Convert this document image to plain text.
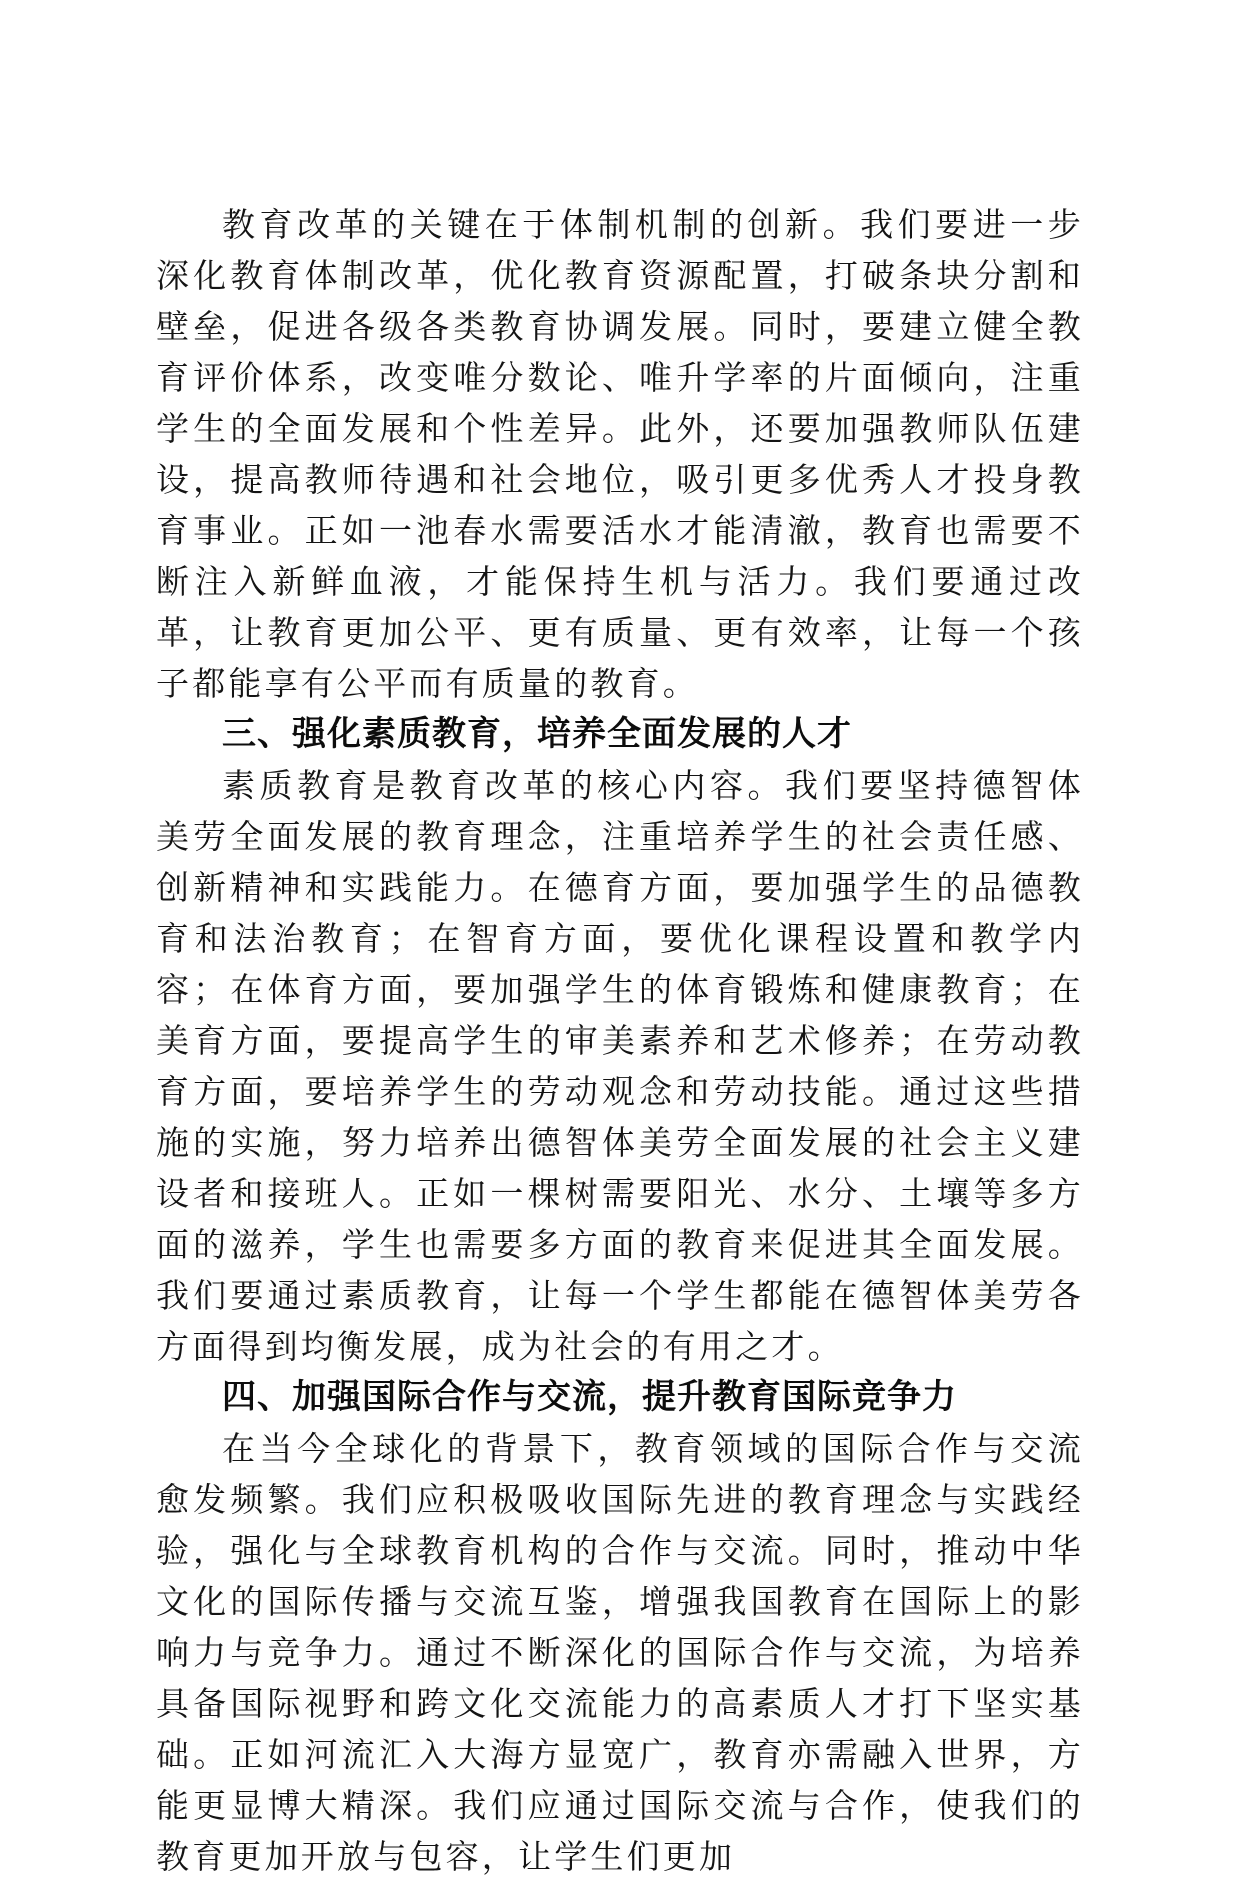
教育改革的关键在于体制机制的创新。我们要进一步深化教育体制改革，优化教育资源配置，打破条块分割和壁垒，促进各级各类教育协调发展。同时，要建立健全教育评价体系，改变唯分数论、唯升学率的片面倾向，注重学生的全面发展和个性差异。此外，还要加强教师队伍建设，提高教师待遇和社会地位，吸引更多优秀人才投身教育事业。正如一池春水需要活水才能清澈，教育也需要不断注入新鲜血液，才能保持生机与活力。我们要通过改革，让教育更加公平、更有质量、更有效率，让每一个孩子都能享有公平而有质量的教育。

三、强化素质教育，培养全面发展的人才

素质教育是教育改革的核心内容。我们要坚持德智体美劳全面发展的教育理念，注重培养学生的社会责任感、创新精神和实践能力。在德育方面，要加强学生的品德教育和法治教育；在智育方面，要优化课程设置和教学内容；在体育方面，要加强学生的体育锻炼和健康教育；在美育方面，要提高学生的审美素养和艺术修养；在劳动教育方面，要培养学生的劳动观念和劳动技能。通过这些措施的实施，努力培养出德智体美劳全面发展的社会主义建设者和接班人。正如一棵树需要阳光、水分、土壤等多方面的滋养，学生也需要多方面的教育来促进其全面发展。我们要通过素质教育，让每一个学生都能在德智体美劳各方面得到均衡发展，成为社会的有用之才。

四、加强国际合作与交流，提升教育国际竞争力

在当今全球化的背景下，教育领域的国际合作与交流愈发频繁。我们应积极吸收国际先进的教育理念与实践经验，强化与全球教育机构的合作与交流。同时，推动中华文化的国际传播与交流互鉴，增强我国教育在国际上的影响力与竞争力。通过不断深化的国际合作与交流，为培养具备国际视野和跨文化交流能力的高素质人才打下坚实基础。正如河流汇入大海方显宽广，教育亦需融入世界，方能更显博大精深。我们应通过国际交流与合作，使我们的教育更加开放与包容，让学生们更加
